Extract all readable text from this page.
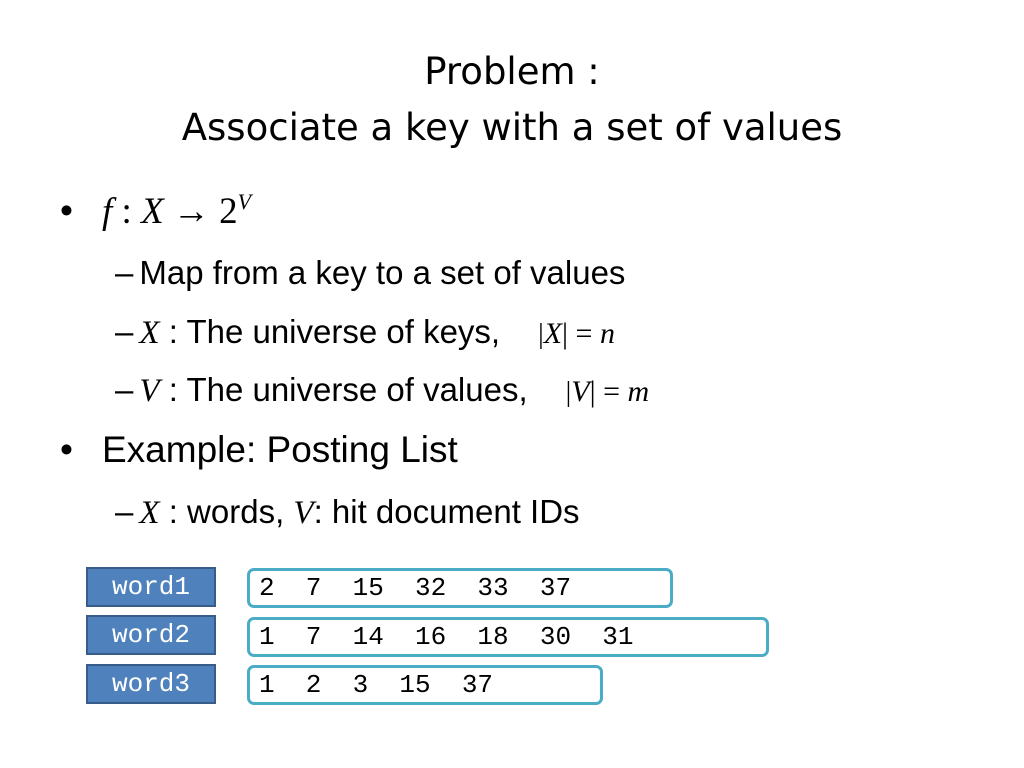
Problem :
Associate a key with a set of values
• f : $X \to 2^V$
– Map from a key to a set of values
– X : The universe of keys, |X| = n
– V : The universe of values, |V| = m
• Example: Posting List
– X : words, V: hit document IDs
word1	2  7  15  32  33  37
word2	1  7  14  16  18  30  31
word3	1  2  3  15  37
